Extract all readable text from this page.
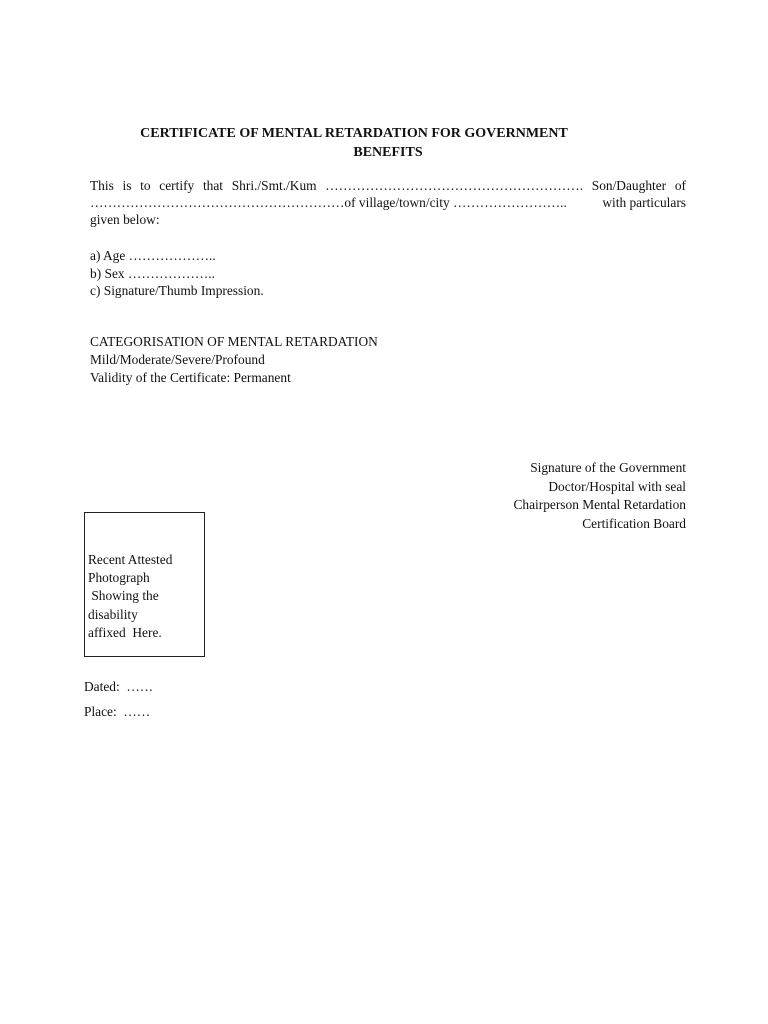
CERTIFICATE OF MENTAL RETARDATION FOR GOVERNMENT
BENEFITS
This is to certify that Shri./Smt./Kum …………………………………………………. Son/Daughter of
…………………………………………………of village/town/city ……………………..	with particulars
given below:
a) Age ………………..
b) Sex ………………..
c) Signature/Thumb Impression.
CATEGORISATION OF MENTAL RETARDATION
Mild/Moderate/Severe/Profound
Validity of the Certificate: Permanent
Signature of the Government
Doctor/Hospital with seal
Chairperson Mental Retardation
Certification Board
Recent Attested
Photograph
Showing the
disability
affixed  Here.
Dated:  ……
Place:  ……
